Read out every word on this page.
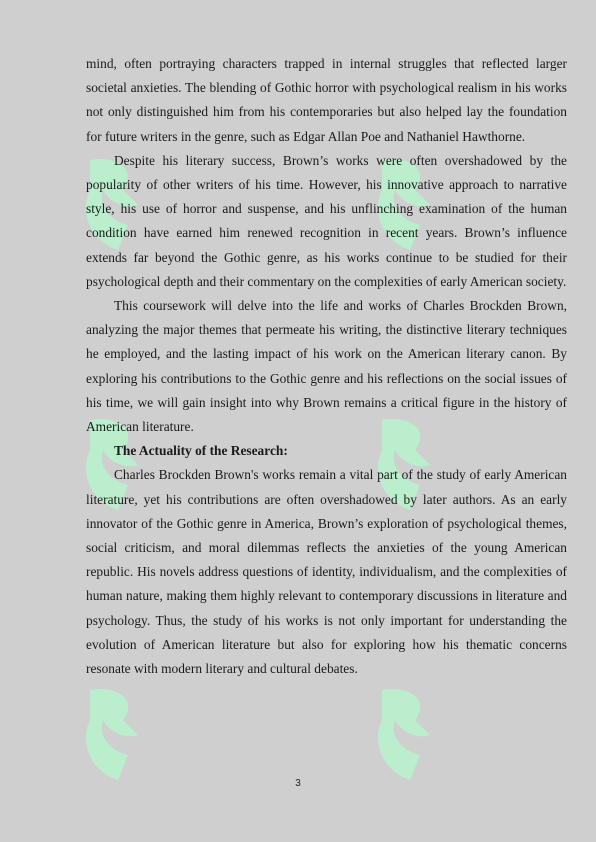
mind, often portraying characters trapped in internal struggles that reflected larger societal anxieties. The blending of Gothic horror with psychological realism in his works not only distinguished him from his contemporaries but also helped lay the foundation for future writers in the genre, such as Edgar Allan Poe and Nathaniel Hawthorne.

Despite his literary success, Brown’s works were often overshadowed by the popularity of other writers of his time. However, his innovative approach to narrative style, his use of horror and suspense, and his unflinching examination of the human condition have earned him renewed recognition in recent years. Brown’s influence extends far beyond the Gothic genre, as his works continue to be studied for their psychological depth and their commentary on the complexities of early American society.

This coursework will delve into the life and works of Charles Brockden Brown, analyzing the major themes that permeate his writing, the distinctive literary techniques he employed, and the lasting impact of his work on the American literary canon. By exploring his contributions to the Gothic genre and his reflections on the social issues of his time, we will gain insight into why Brown remains a critical figure in the history of American literature.

The Actuality of the Research:

Charles Brockden Brown's works remain a vital part of the study of early American literature, yet his contributions are often overshadowed by later authors. As an early innovator of the Gothic genre in America, Brown’s exploration of psychological themes, social criticism, and moral dilemmas reflects the anxieties of the young American republic. His novels address questions of identity, individualism, and the complexities of human nature, making them highly relevant to contemporary discussions in literature and psychology. Thus, the study of his works is not only important for understanding the evolution of American literature but also for exploring how his thematic concerns resonate with modern literary and cultural debates.

3
